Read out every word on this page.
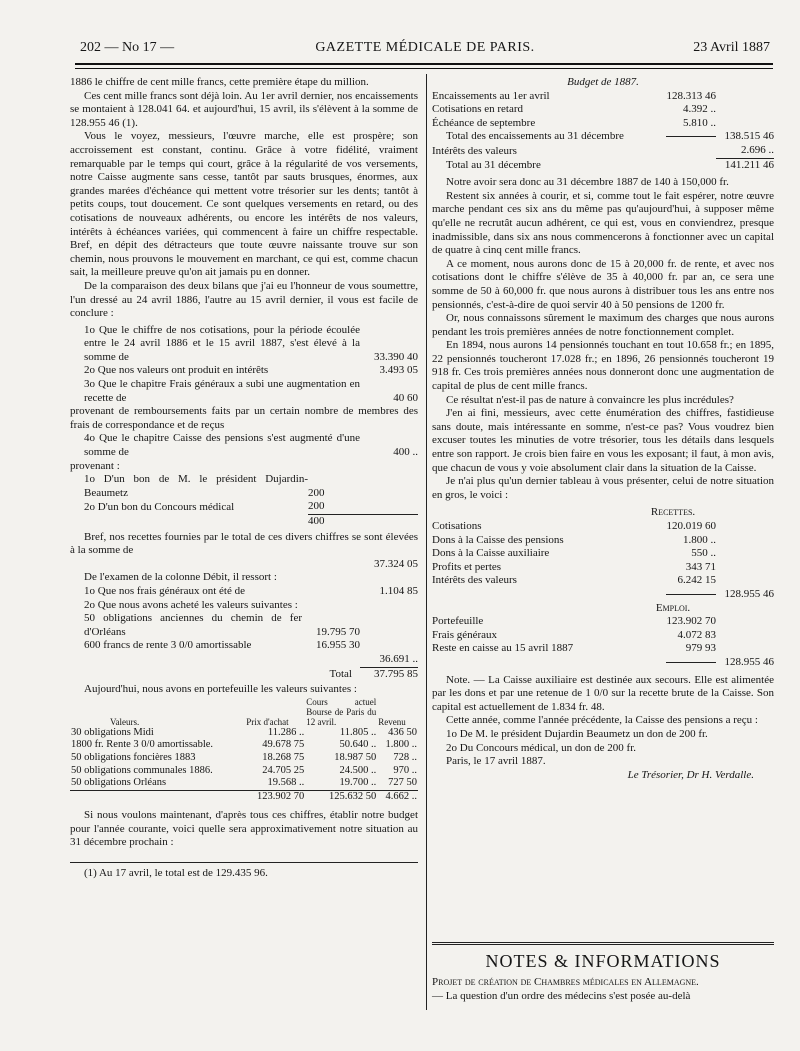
202 — No 17 —	GAZETTE MÉDICALE DE PARIS.	23 Avril 1887

1886 le chiffre de cent mille francs, cette première étape du million.

Ces cent mille francs sont déjà loin. Au 1er avril dernier, nos encaissements se montaient à 128.041 64. et aujourd'hui, 15 avril, ils s'élèvent à la somme de 128.955 46 (1).

Vous le voyez, messieurs, l'œuvre marche, elle est prospère; son accroissement est constant, continu. Grâce à votre fidélité, vraiment remarquable par le temps qui court, grâce à la régularité de vos versements, notre Caisse augmente sans cesse, tantôt par sauts brusques, énormes, aux grandes marées d'échéance qui mettent votre trésorier sur les dents; tantôt à petits coups, tout doucement. Ce sont quelques versements en retard, ou des cotisations de nouveaux adhérents, ou encore les intérêts de nos valeurs, intérêts à échéances variées, qui commencent à faire un chiffre respectable. Bref, en dépit des détracteurs que toute œuvre naissante trouve sur son chemin, nous prouvons le mouvement en marchant, ce qui est, comme chacun sait, la meilleure preuve qu'on ait jamais pu en donner.

De la comparaison des deux bilans que j'ai eu l'honneur de vous soumettre, l'un dressé au 24 avril 1886, l'autre au 15 avril dernier, il vous est facile de conclure :

1o Que le chiffre de nos cotisations, pour la période écoulée entre le 24 avril 1886 et le 15 avril 1887, s'est élevé à la somme de	33.390 40
2o Que nos valeurs ont produit en intérêts	3.493 05
3o Que le chapitre Frais généraux a subi une augmentation en recette de	40 60

provenant de remboursements faits par un certain nombre de membres des frais de correspondance et de reçus

4o Que le chapitre Caisse des pensions s'est augmenté d'une somme de	400 ..

provenant :

1o D'un bon de M. le président Dujardin-Beaumetz	200
2o D'un bon du Concours médical	200
400

Bref, nos recettes fournies par le total de ces divers chiffres se sont élevées à la somme de

37.324 05

De l'examen de la colonne Débit, il ressort :

1o Que nos frais généraux ont été de	1.104 85

2o Que nous avons acheté les valeurs suivantes :

50 obligations anciennes du chemin de fer d'Orléans	19.795 70
600 francs de rente 3 0/0 amortissable	16.955 30
36.691 ..
Total	37.795 85

Aujourd'hui, nous avons en portefeuille les valeurs suivantes :

Valeurs.	Prix d'achat	Cours actuel Bourse de Paris du 12 avril.	Revenu
30 obligations Midi	11.286 ..	11.805 ..	436 50
1800 fr. Rente 3 0/0 amortissable.	49.678 75	50.640 ..	1.800 ..
50 obligations foncières 1883	18.268 75	18.987 50	728 ..
50 obligations communales 1886.	24.705 25	24.500 ..	970 ..
50 obligations Orléans	19.568 ..	19.700 ..	727 50
	123.902 70	125.632 50	4.662 ..

Si nous voulons maintenant, d'après tous ces chiffres, établir notre budget pour l'année courante, voici quelle sera approximativement notre situation au 31 décembre prochain :

(1) Au 17 avril, le total est de 129.435 96.

Budget de 1887.

Encaissements au 1er avril	128.313 46
Cotisations en retard	4.392 ..
Échéance de septembre	5.810 ..
Total des encaissements au 31 décembre	138.515 46
Intérêts des valeurs	2.696 ..
Total au 31 décembre	141.211 46

Notre avoir sera donc au 31 décembre 1887 de 140 à 150,000 fr.

Restent six années à courir, et si, comme tout le fait espérer, notre œuvre marche pendant ces six ans du même pas qu'aujourd'hui, à supposer même qu'elle ne recrutât aucun adhérent, ce qui est, vous en conviendrez, presque inadmissible, dans six ans nous commencerons à fonctionner avec un capital de quatre à cinq cent mille francs.

A ce moment, nous aurons donc de 15 à 20,000 fr. de rente, et avec nos cotisations dont le chiffre s'élève de 35 à 40,000 fr. par an, ce sera une somme de 50 à 60,000 fr. que nous aurons à distribuer tous les ans entre nos pensionnés, c'est-à-dire de quoi servir 40 à 50 pensions de 1200 fr.

Or, nous connaissons sûrement le maximum des charges que nous aurons pendant les trois premières années de notre fonctionnement complet.

En 1894, nous aurons 14 pensionnés touchant en tout 10.658 fr.; en 1895, 22 pensionnés toucheront 17.028 fr.; en 1896, 26 pensionnés toucheront 19 918 fr. Ces trois premières années nous donneront donc une augmentation de capital de plus de cent mille francs.

Ce résultat n'est-il pas de nature à convaincre les plus incrédules?

J'en ai fini, messieurs, avec cette énumération des chiffres, fastidieuse sans doute, mais intéressante en somme, n'est-ce pas? Vous voudrez bien excuser toutes les minuties de votre trésorier, tous les détails dans lesquels entre son rapport. Je crois bien faire en vous les exposant; il faut, à mon avis, que chacun de vous y voie absolument clair dans la situation de la Caisse.

Je n'ai plus qu'un dernier tableau à vous présenter, celui de notre situation en gros, le voici :

Recettes.

Cotisations	120.019 60
Dons à la Caisse des pensions	1.800 ..
Dons à la Caisse auxiliaire	550 ..
Profits et pertes	343 71
Intérêts des valeurs	6.242 15
128.955 46

Emploi.

Portefeuille	123.902 70
Frais généraux	4.072 83
Reste en caisse au 15 avril 1887	979 93
128.955 46

Note. — La Caisse auxiliaire est destinée aux secours. Elle est alimentée par les dons et par une retenue de 1 0/0 sur la recette brute de la Caisse. Son capital est actuellement de 1.834 fr. 48.

Cette année, comme l'année précédente, la Caisse des pensions a reçu :

1o De M. le président Dujardin Beaumetz un don de 200 fr.

2o Du Concours médical, un don de 200 fr.

Paris, le 17 avril 1887.

Le Trésorier, Dr H. Verdalle.

NOTES & INFORMATIONS

Projet de création de Chambres médicales en Allemagne.

— La question d'un ordre des médecins s'est posée au-delà
